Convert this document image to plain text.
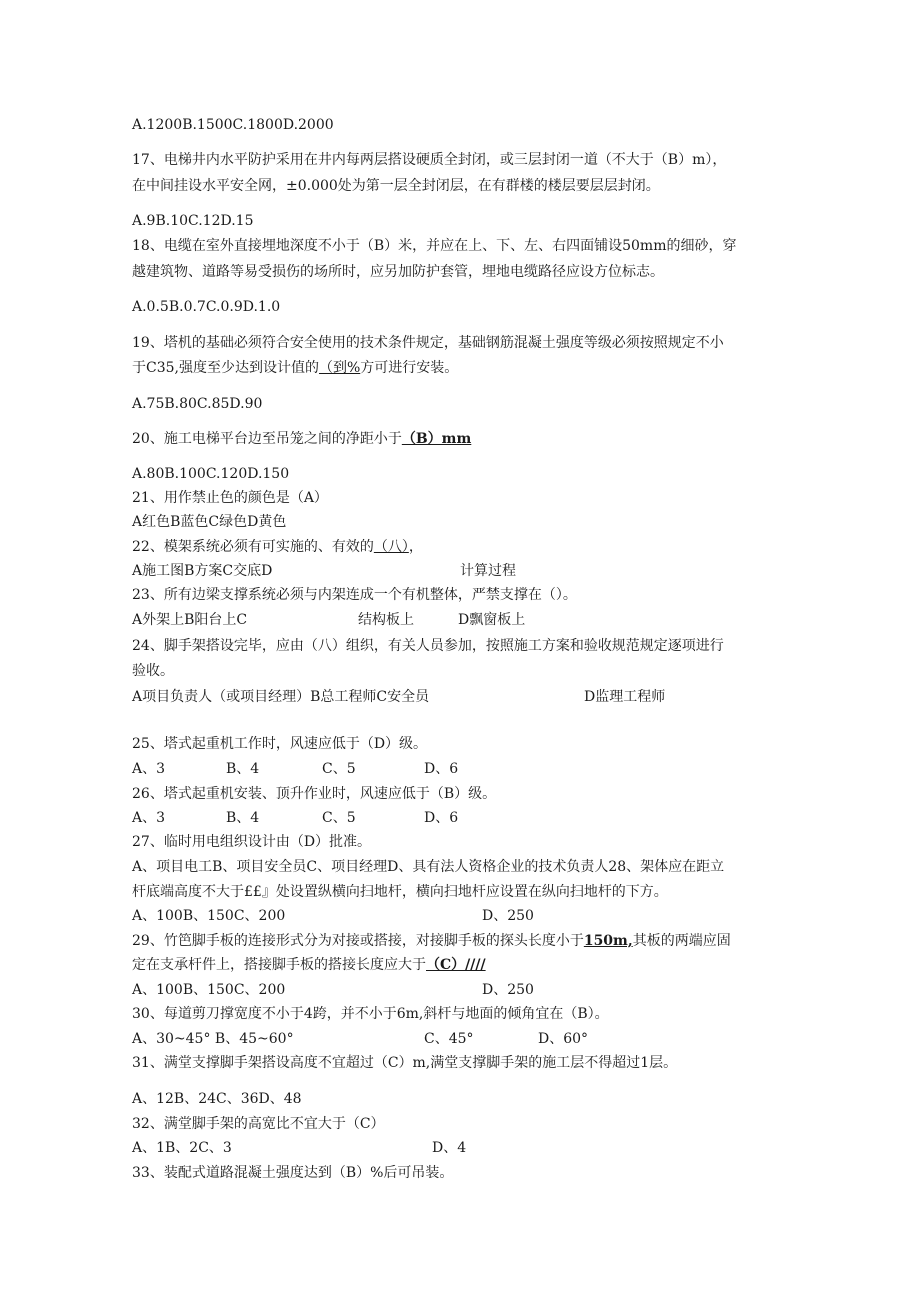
A.1200B.1500C.1800D.2000
17、电梯井内水平防护采用在井内每两层搭设硬质全封闭，或三层封闭一道（不大于（B）m），
在中间挂设水平安全网，±0.000处为第一层全封闭层，在有群楼的楼层要层层封闭。
A.9B.10C.12D.15
18、电缆在室外直接埋地深度不小于（B）米，并应在上、下、左、右四面铺设50mm的细砂，穿
越建筑物、道路等易受损伤的场所时，应另加防护套管，埋地电缆路径应设方位标志。
A.0.5B.0.7C.0.9D.1.0
19、塔机的基础必须符合安全使用的技术条件规定，基础钢筋混凝土强度等级必须按照规定不小
于C35,强度至少达到设计值的（到%方可进行安装。
A.75B.80C.85D.90
20、施工电梯平台边至吊笼之间的净距小于（B）mm
A.80B.100C.120D.150
21、用作禁止色的颜色是（A）
A红色B蓝色C绿色D黄色
22、模架系统必须有可实施的、有效的（八），
A施工图B方案C交底D	计算过程
23、所有边梁支撑系统必须与内架连成一个有机整体，严禁支撑在（）。
A外架上B阳台上C	结构板上	D飘窗板上
24、脚手架搭设完毕，应由（八）组织，有关人员参加，按照施工方案和验收规范规定逐项进行
验收。
A项目负责人（或项目经理）B总工程师C安全员	D监理工程师
25、塔式起重机工作时，风速应低于（D）级。
A、3	B、4	C、5	D、6
26、塔式起重机安装、顶升作业时，风速应低于（B）级。
A、3	B、4	C、5	D、6
27、临时用电组织设计由（D）批准。
A、项目电工B、项目安全员C、项目经理D、具有法人资格企业的技术负责人28、架体应在距立
杆底端高度不大于££』处设置纵横向扫地杆，横向扫地杆应设置在纵向扫地杆的下方。
A、100B、150C、200	D、250
29、竹笆脚手板的连接形式分为对接或搭接，对接脚手板的探头长度小于150m,其板的两端应固
定在支承杆件上，搭接脚手板的搭接长度应大于（C）////
A、100B、150C、200	D、250
30、每道剪刀撑宽度不小于4跨，并不小于6m,斜杆与地面的倾角宜在（B）。
A、30~45° B、45~60°	C、45°	D、60°
31、满堂支撑脚手架搭设高度不宜超过（C）m,满堂支撑脚手架的施工层不得超过1层。
A、12B、24C、36D、48
32、满堂脚手架的高宽比不宜大于（C）
A、1B、2C、3	D、4
33、装配式道路混凝土强度达到（B）%后可吊装。
